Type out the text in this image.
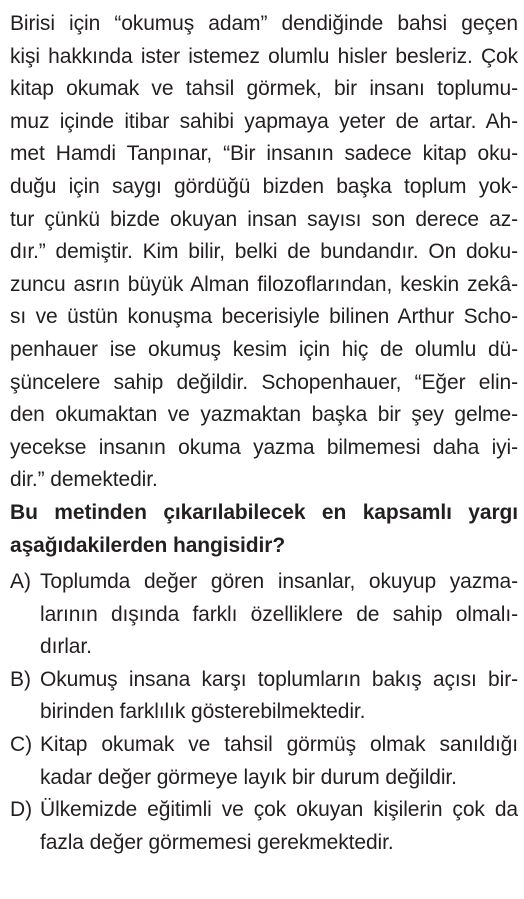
Birisi için “okumuş adam” dendiğinde bahsi geçen
kişi hakkında ister istemez olumlu hisler besleriz. Çok
kitap okumak ve tahsil görmek, bir insanı toplumu-
muz içinde itibar sahibi yapmaya yeter de artar. Ah-
met Hamdi Tanpınar, “Bir insanın sadece kitap oku-
duğu için saygı gördüğü bizden başka toplum yok-
tur çünkü bizde okuyan insan sayısı son derece az-
dır.” demiştir. Kim bilir, belki de bundandır. On doku-
zuncu asrın büyük Alman filozoflarından, keskin zekâ-
sı ve üstün konuşma becerisiyle bilinen Arthur Scho-
penhauer ise okumuş kesim için hiç de olumlu dü-
şüncelere sahip değildir. Schopenhauer, “Eğer elin-
den okumaktan ve yazmaktan başka bir şey gelme-
yecekse insanın okuma yazma bilmemesi daha iyi-
dir.” demektedir.
Bu metinden çıkarılabilecek en kapsamlı yargı
aşağıdakilerden hangisidir?
A) Toplumda değer gören insanlar, okuyup yazma-
larının dışında farklı özelliklere de sahip olmalı-
dırlar.
B) Okumuş insana karşı toplumların bakış açısı bir-
birinden farklılık gösterebilmektedir.
C) Kitap okumak ve tahsil görmüş olmak sanıldığı
kadar değer görmeye layık bir durum değildir.
D) Ülkemizde eğitimli ve çok okuyan kişilerin çok da
fazla değer görmemesi gerekmektedir.
